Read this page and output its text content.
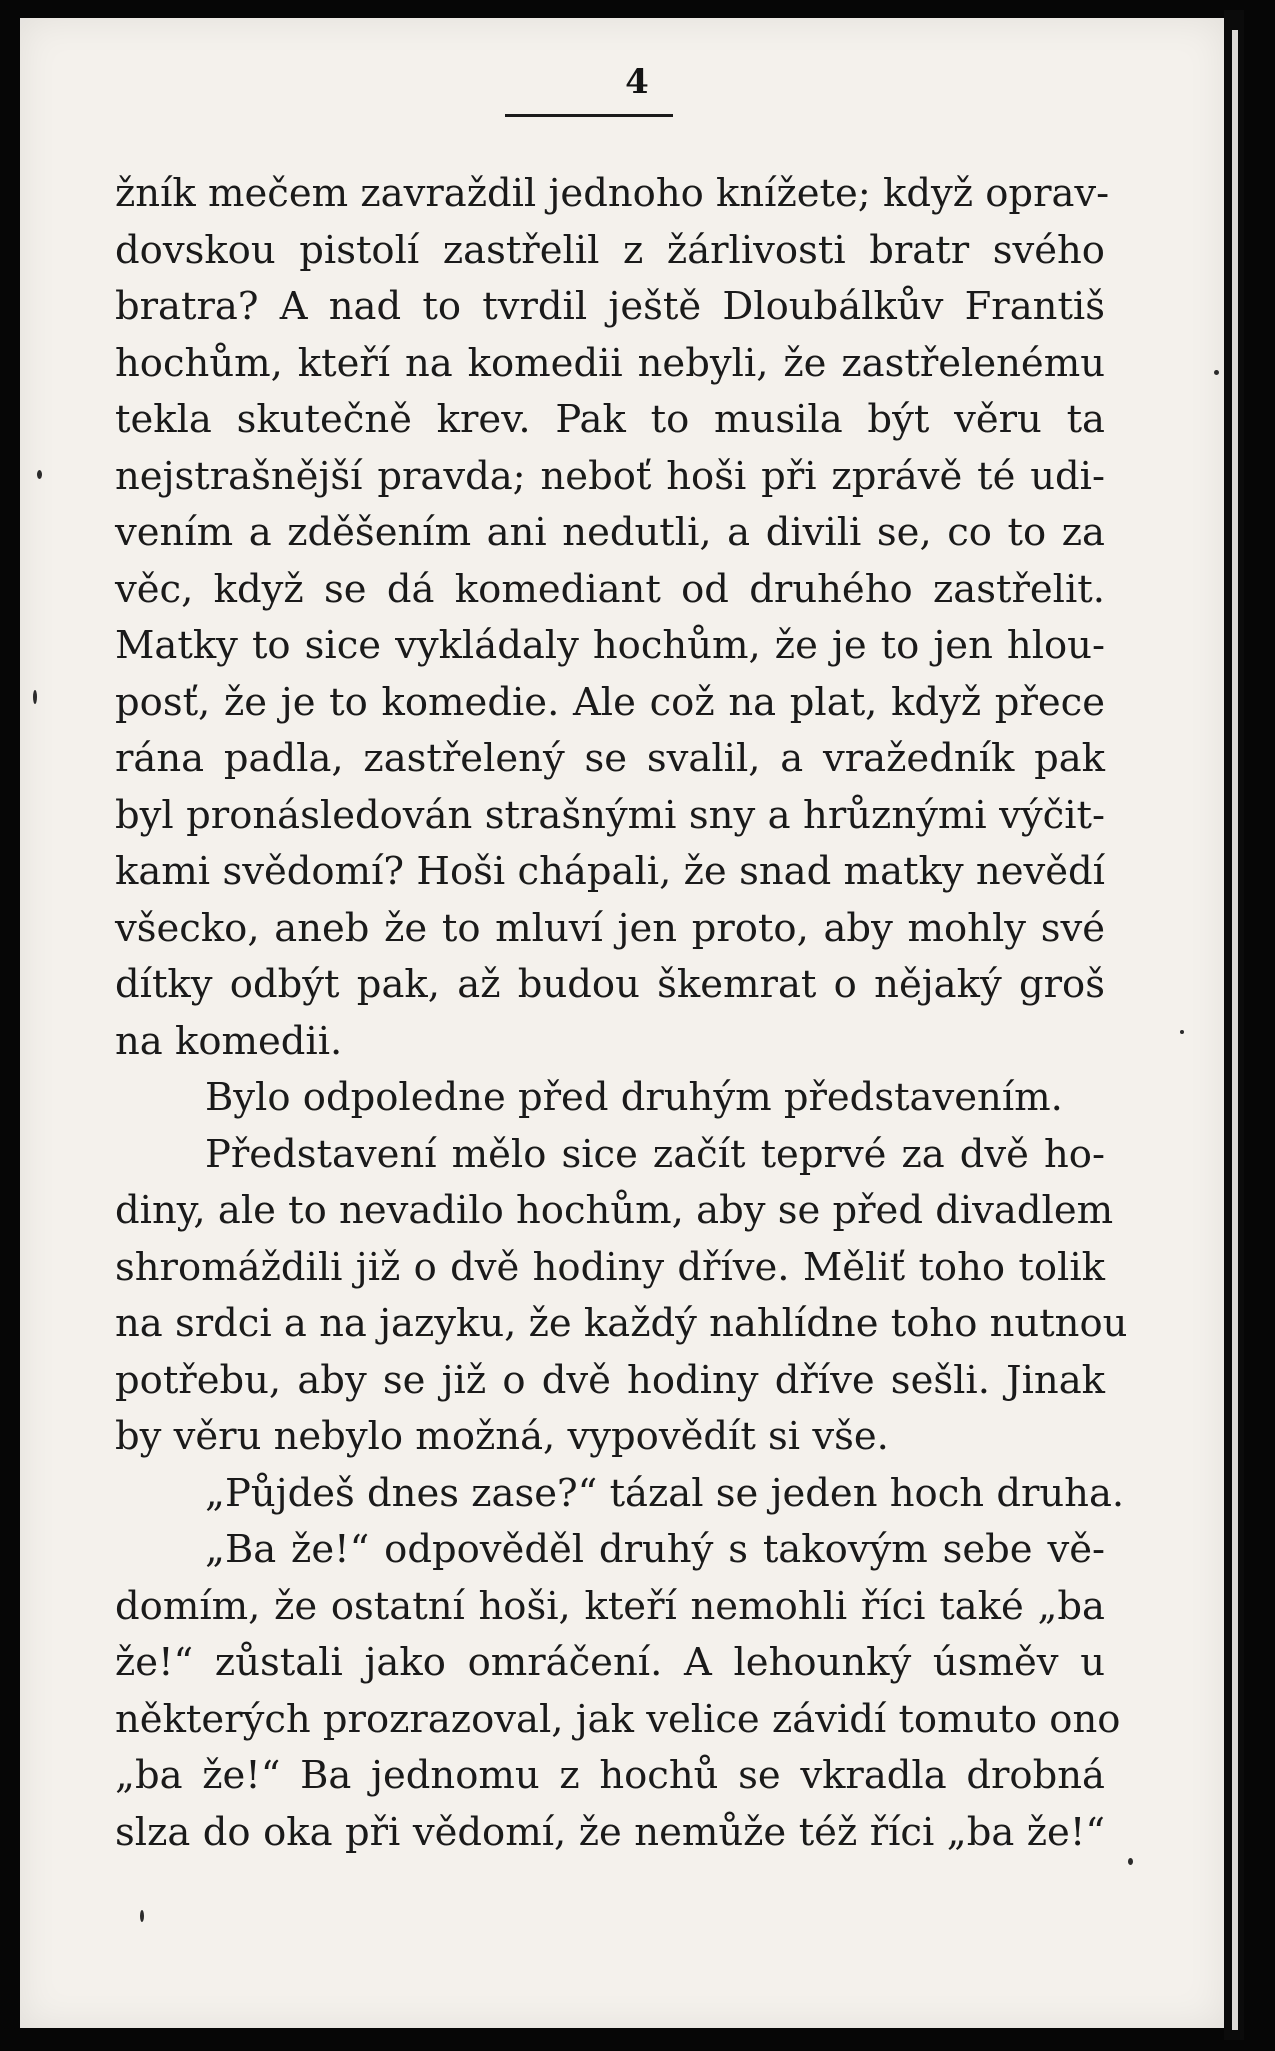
4
žník mečem zavraždil jednoho knížete; když oprav-
dovskou pistolí zastřelil z žárlivosti bratr svého
bratra? A nad to tvrdil ještě Dloubálkův Františ
hochům, kteří na komedii nebyli, že zastřelenému
tekla skutečně krev. Pak to musila být věru ta
nejstrašnější pravda; neboť hoši při zprávě té udi-
vením a zděšením ani nedutli, a divili se, co to za
věc, když se dá komediant od druhého zastřelit.
Matky to sice vykládaly hochům, že je to jen hlou-
posť, že je to komedie. Ale což na plat, když přece
rána padla, zastřelený se svalil, a vražedník pak
byl pronásledován strašnými sny a hrůznými výčit-
kami svědomí? Hoši chápali, že snad matky nevědí
všecko, aneb že to mluví jen proto, aby mohly své
dítky odbýt pak, až budou škemrat o nějaký groš
na komedii.
Bylo odpoledne před druhým představením.
Představení mělo sice začít teprvé za dvě ho-
diny, ale to nevadilo hochům, aby se před divadlem
shromáždili již o dvě hodiny dříve. Měliť toho tolik
na srdci a na jazyku, že každý nahlídne toho nutnou
potřebu, aby se již o dvě hodiny dříve sešli. Jinak
by věru nebylo možná, vypovědít si vše.
„Půjdeš dnes zase?“ tázal se jeden hoch druha.
„Ba že!“ odpověděl druhý s takovým sebe vě-
domím, že ostatní hoši, kteří nemohli říci také „ba
že!“ zůstali jako omráčení. A lehounký úsměv u
některých prozrazoval, jak velice závidí tomuto ono
„ba že!“ Ba jednomu z hochů se vkradla drobná
slza do oka při vědomí, že nemůže též říci „ba že!“
